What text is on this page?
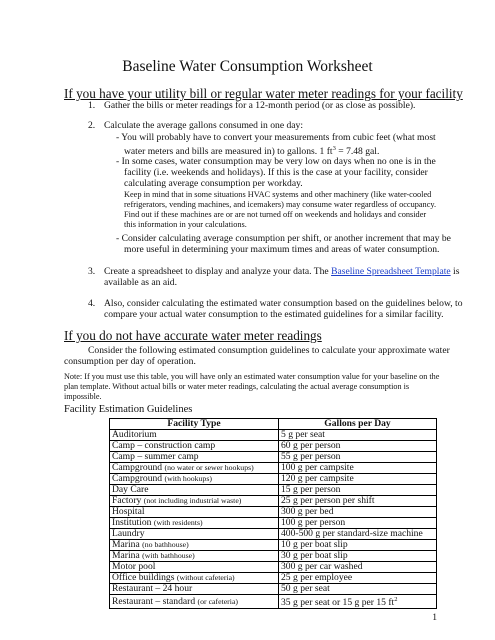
Baseline Water Consumption Worksheet
If you have your utility bill or regular water meter readings for your facility
1. Gather the bills or meter readings for a 12-month period (or as close as possible).
2. Calculate the average gallons consumed in one day:
- You will probably have to convert your measurements from cubic feet (what most
water meters and bills are measured in) to gallons. 1 $ft^3 = 7.48$ gal.
- In some cases, water consumption may be very low on days when no one is in the
facility (i.e. weekends and holidays). If this is the case at your facility, consider
calculating average consumption per workday.
Keep in mind that in some situations HVAC systems and other machinery (like water-cooled
refrigerators, vending machines, and icemakers) may consume water regardless of occupancy.
Find out if these machines are or are not turned off on weekends and holidays and consider
this information in your calculations.
- Consider calculating average consumption per shift, or another increment that may be
more useful in determining your maximum times and areas of water consumption.
3. Create a spreadsheet to display and analyze your data. The Baseline Spreadsheet Template is
available as an aid.
4. Also, consider calculating the estimated water consumption based on the guidelines below, to
compare your actual water consumption to the estimated guidelines for a similar facility.
If you do not have accurate water meter readings
Consider the following estimated consumption guidelines to calculate your approximate water
consumption per day of operation.
Note: If you must use this table, you will have only an estimated water consumption value for your baseline on the
plan template. Without actual bills or water meter readings, calculating the actual average consumption is
impossible.
Facility Estimation Guidelines
Facility Type	Gallons per Day
Auditorium	5 g per seat
Camp – construction camp	60 g per person
Camp – summer camp	55 g per person
Campground (no water or sewer hookups)	100 g per campsite
Campground (with hookups)	120 g per campsite
Day Care	15 g per person
Factory (not including industrial waste)	25 g per person per shift
Hospital	300 g per bed
Institution (with residents)	100 g per person
Laundry	400-500 g per standard-size machine
Marina (no bathhouse)	10 g per boat slip
Marina (with bathhouse)	30 g per boat slip
Motor pool	300 g per car washed
Office buildings (without cafeteria)	25 g per employee
Restaurant – 24 hour	50 g per seat
Restaurant – standard (or cafeteria)	35 g per seat or 15 g per 15 $ft^2$
1
